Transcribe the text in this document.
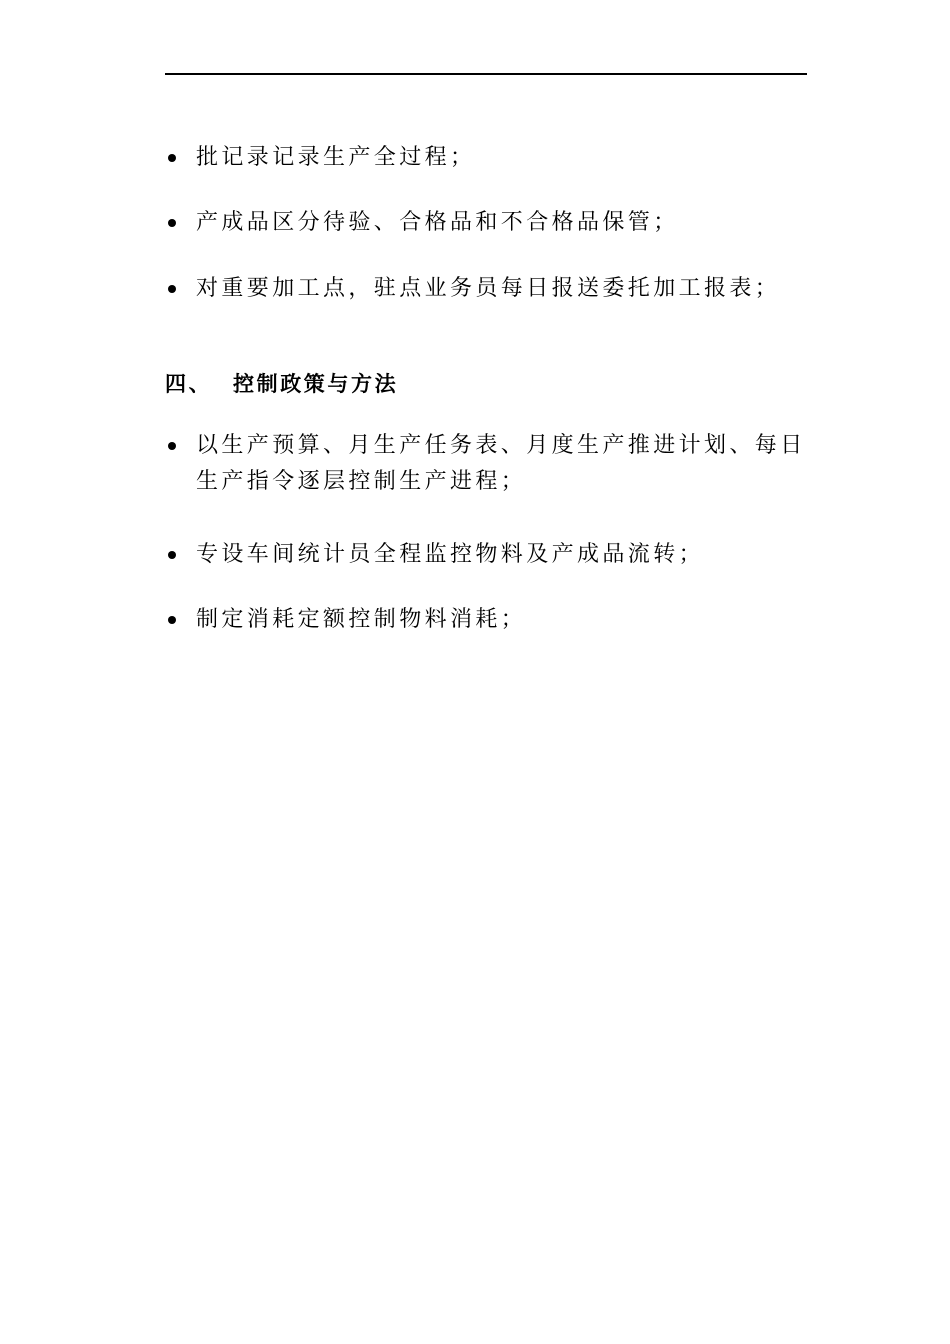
批记录记录生产全过程；
产成品区分待验、合格品和不合格品保管；
对重要加工点，驻点业务员每日报送委托加工报表；
四、 控制政策与方法
以生产预算、月生产任务表、月度生产推进计划、每日生产指令逐层控制生产进程；
专设车间统计员全程监控物料及产成品流转；
制定消耗定额控制物料消耗；
